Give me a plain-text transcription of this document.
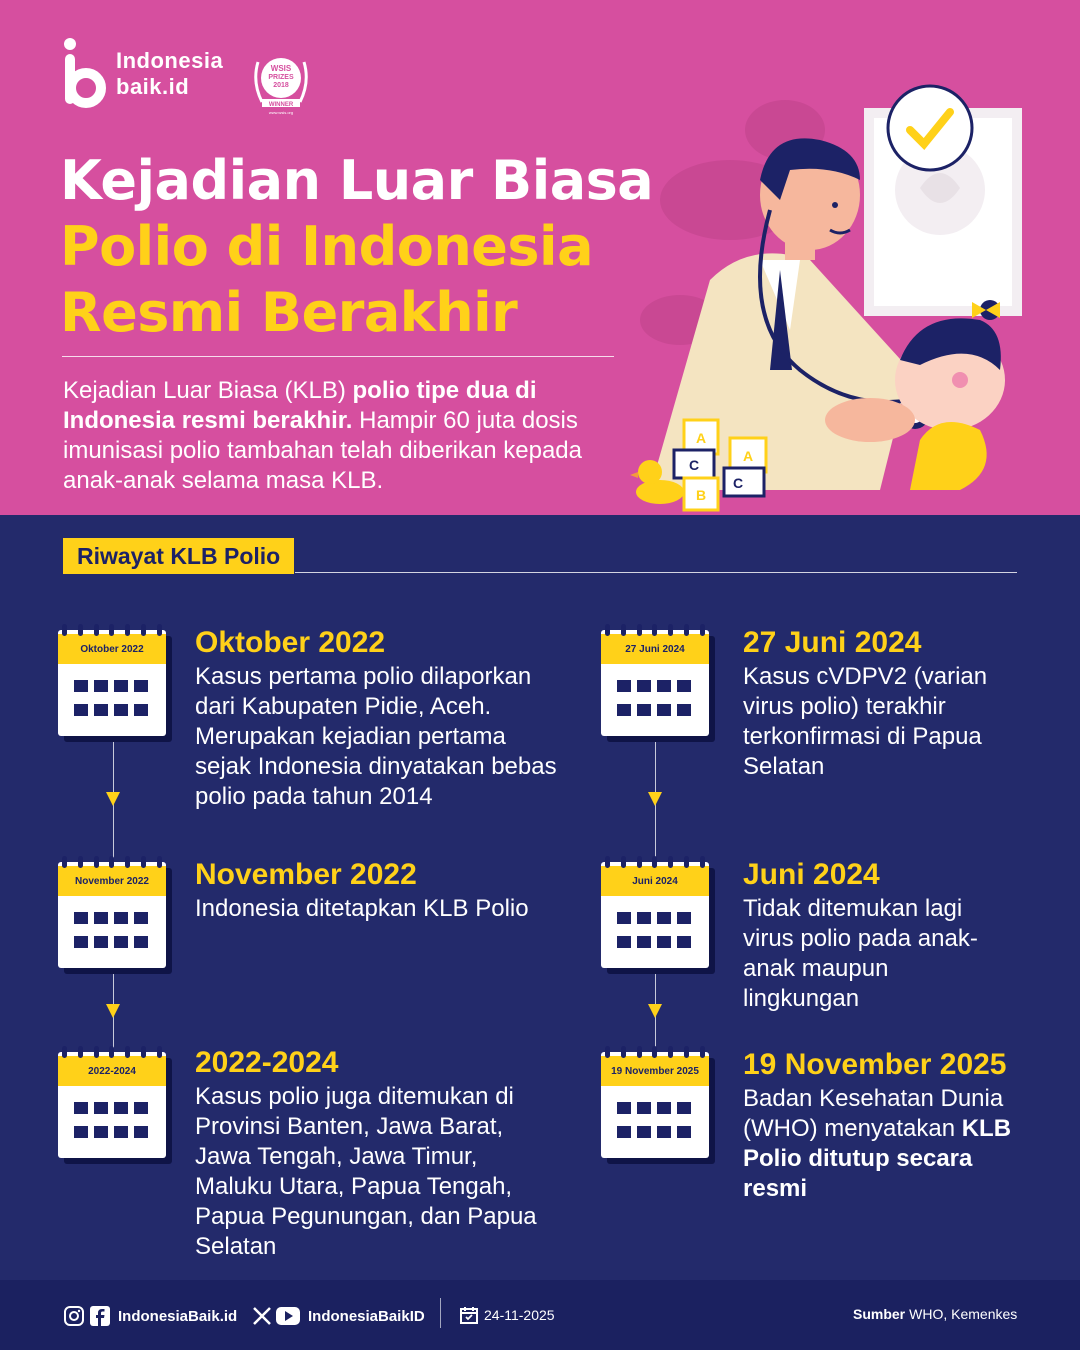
Indonesia
baik.id
WSIS
PRIZES
2018
WINNER
www.wsis.org
Kejadian Luar Biasa
Polio di Indonesia
Resmi Berakhir

Kejadian Luar Biasa (KLB) polio tipe dua di Indonesia resmi berakhir. Hampir 60 juta dosis imunisasi polio tambahan telah diberikan kepada anak-anak selama masa KLB.

A
C
B
A
C
Riwayat KLB Polio
Oktober 2022	Oktober 2022
Kasus pertama polio dilaporkan dari Kabupaten Pidie, Aceh. Merupakan kejadian pertama sejak Indonesia dinyatakan bebas polio pada tahun 2014
November 2022	November 2022
Indonesia ditetapkan KLB Polio
2022-2024	2022-2024
Kasus polio juga ditemukan di Provinsi Banten, Jawa Barat, Jawa Tengah, Jawa Timur, Maluku Utara, Papua Tengah, Papua Pegunungan, dan Papua Selatan
27 Juni 2024	27 Juni 2024
Kasus cVDPV2 (varian virus polio) terakhir terkonfirmasi di Papua Selatan
Juni 2024	Juni 2024
Tidak ditemukan lagi virus polio pada anak-anak maupun lingkungan
19 November 2025	19 November 2025
Badan Kesehatan Dunia (WHO) menyatakan KLB Polio ditutup secara resmi
IndonesiaBaik.id	IndonesiaBaikID	24-11-2025	Sumber WHO, Kemenkes
